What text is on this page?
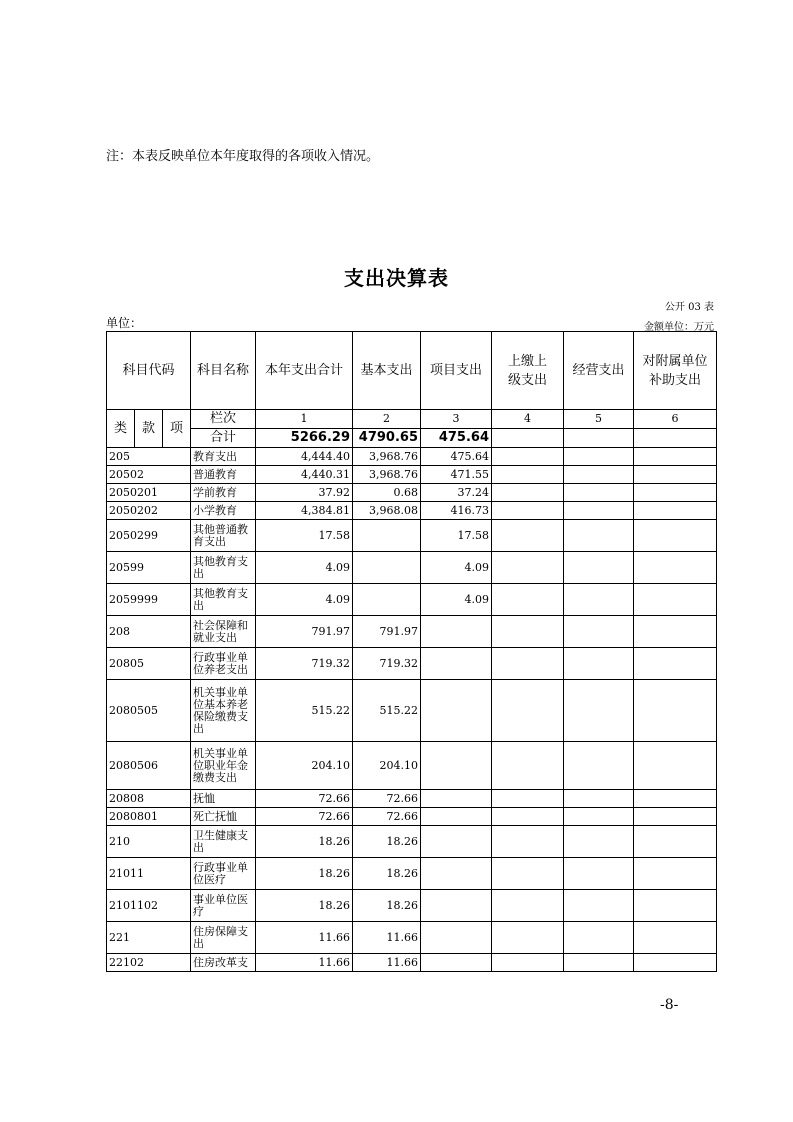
注：本表反映单位本年度取得的各项收入情况。
支出决算表
公开 03 表
单位：	金额单位：万元
科目代码			科目名称	本年支出合计	基本支出	项目支出	上缴上级支出	经营支出	对附属单位补助支出
类	款	项	栏次	1	2	3	4	5	6
			合计	5266.29	4790.65	475.64			
205			教育支出	4,444.40	3,968.76	475.64			
20502			普通教育	4,440.31	3,968.76	471.55			
2050201			学前教育	37.92	0.68	37.24			
2050202			小学教育	4,384.81	3,968.08	416.73			
2050299			其他普通教育支出	17.58		17.58			
20599			其他教育支出	4.09		4.09			
2059999			其他教育支出	4.09		4.09			
208			社会保障和就业支出	791.97	791.97				
20805			行政事业单位养老支出	719.32	719.32				
2080505			机关事业单位基本养老保险缴费支出	515.22	515.22				
2080506			机关事业单位职业年金缴费支出	204.10	204.10				
20808			抚恤	72.66	72.66				
2080801			死亡抚恤	72.66	72.66				
210			卫生健康支出	18.26	18.26				
21011			行政事业单位医疗	18.26	18.26				
2101102			事业单位医疗	18.26	18.26				
221			住房保障支出	11.66	11.66				
22102			住房改革支	11.66	11.66				
-8-
